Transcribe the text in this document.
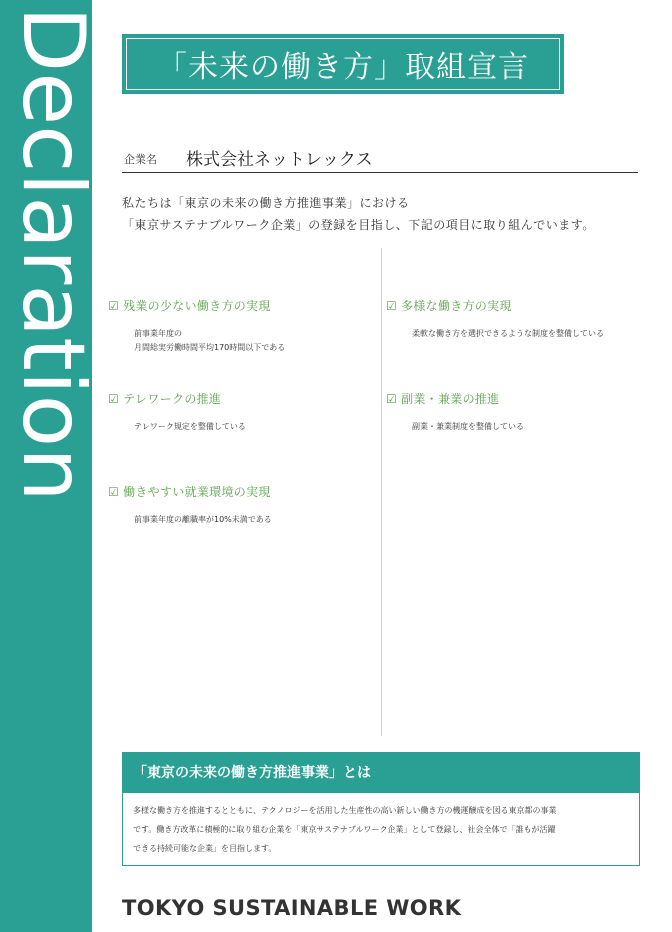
Declaration 「未来の働き方」取組宣言
企業名 株式会社ネットレックス
私たちは「東京の未来の働き方推進事業」における
「東京サステナブルワーク企業」の登録を目指し、下記の項目に取り組んでいます。
☑ 残業の少ない働き方の実現
前事業年度の
月間総実労働時間平均170時間以下である
☑ 多様な働き方の実現
柔軟な働き方を選択できるような制度を整備している
☑ テレワークの推進
テレワーク規定を整備している
☑ 副業・兼業の推進
副業・兼業制度を整備している
☑ 働きやすい就業環境の実現
前事業年度の離職率が10%未満である
「東京の未来の働き方推進事業」とは
多様な働き方を推進するとともに、テクノロジーを活用した生産性の高い新しい働き方の機運醸成を図る東京都の事業
です。働き方改革に積極的に取り組む企業を「東京サステナブルワーク企業」として登録し、社会全体で「誰もが活躍
できる持続可能な企業」を目指します。
TOKYO SUSTAINABLE WORK
